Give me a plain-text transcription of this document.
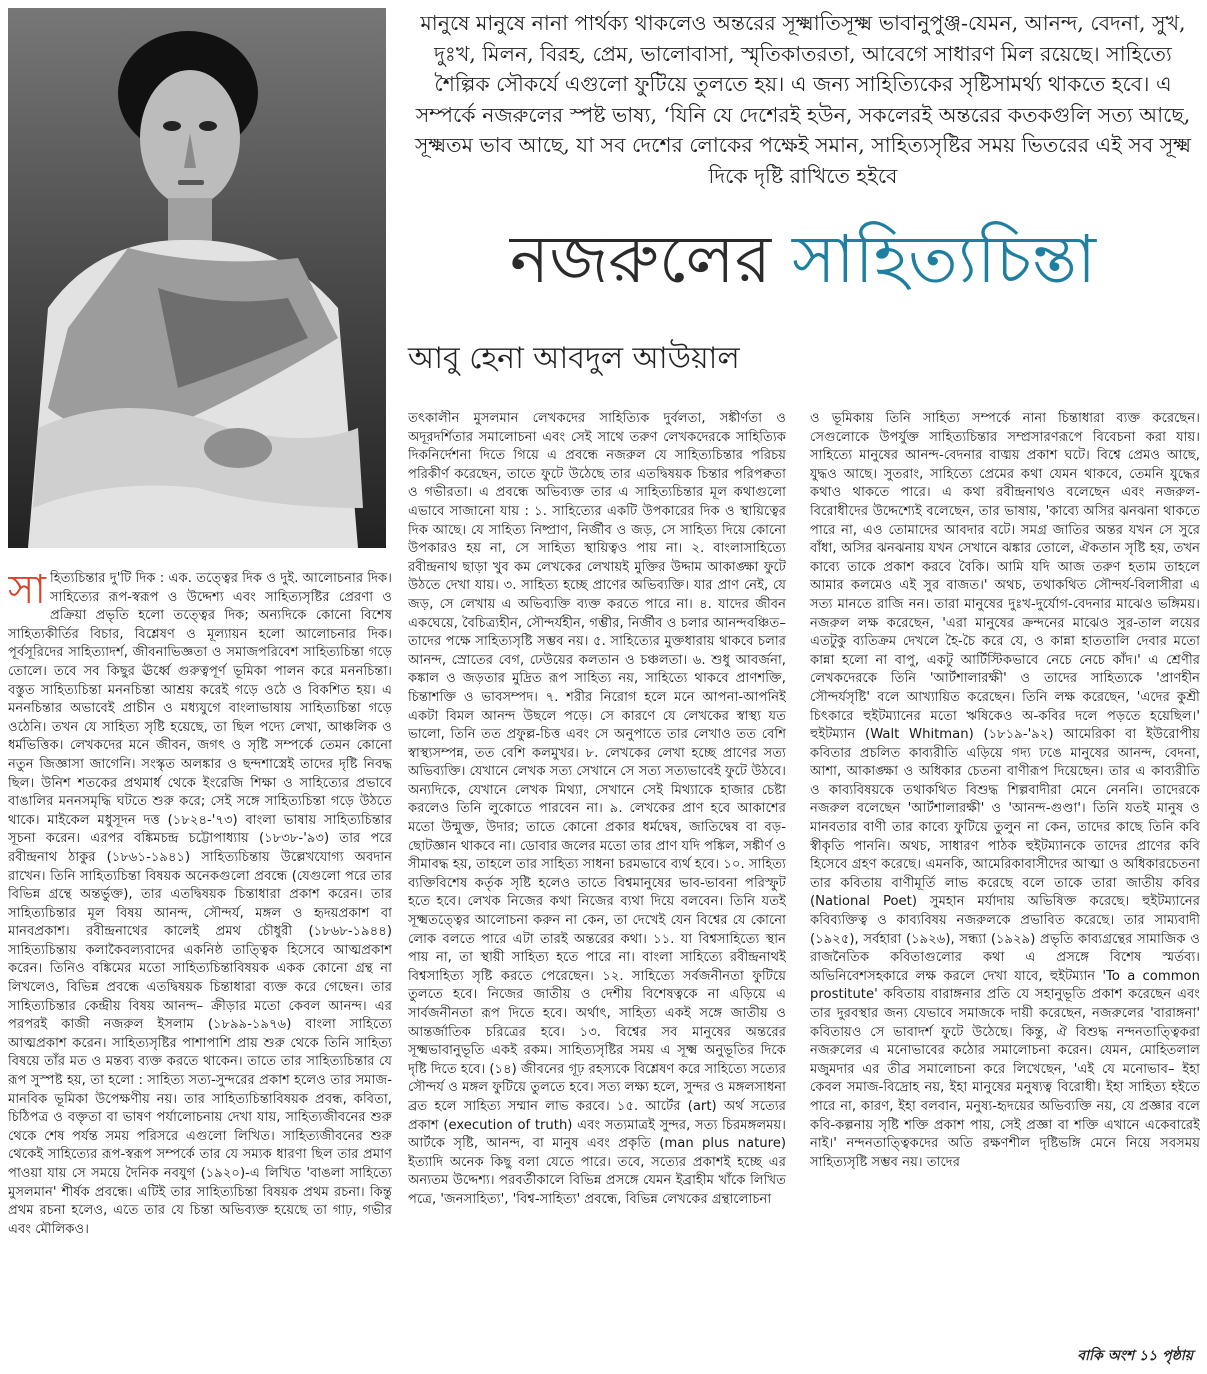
মানুষে মানুষে নানা পার্থক্য থাকলেও অন্তরের সূক্ষ্মাতিসূক্ষ্ম ভাবানুপুঞ্জ-যেমন, আনন্দ, বেদনা, সুখ, দুঃখ, মিলন, বিরহ, প্রেম, ভালোবাসা, স্মৃতিকাতরতা, আবেগে সাধারণ মিল রয়েছে। সাহিত্যে শৈল্পিক সৌকর্যে এগুলো ফুটিয়ে তুলতে হয়। এ জন্য সাহিত্যিকের সৃষ্টিসামর্থ্য থাকতে হবে। এ সম্পর্কে নজরুলের স্পষ্ট ভাষ্য, ‘যিনি যে দেশেরই হউন, সকলেরই অন্তরের কতকগুলি সত্য আছে, সূক্ষ্মতম ভাব আছে, যা সব দেশের লোকের পক্ষেই সমান, সাহিত্যসৃষ্টির সময় ভিতরের এই সব সূক্ষ্ম দিকে দৃষ্টি রাখিতে হইবে
নজরুলের সাহিত্যচিন্তা
আবু হেনা আবদুল আউয়াল

সাহিত্যচিন্তার দু'টি দিক : এক. তত্ত্বের দিক ও দুই. আলোচনার দিক। সাহিত্যের রূপ-স্বরূপ ও উদ্দেশ্য এবং সাহিত্যসৃষ্টির প্রেরণা ও প্রক্রিয়া প্রভৃতি হলো তত্ত্বের দিক; অন্যদিকে কোনো বিশেষ সাহিত্যকীর্তির বিচার, বিশ্লেষণ ও মূল্যায়ন হলো আলোচনার দিক। পূর্বসূরিদের সাহিত্যাদর্শ, জীবনাভিজ্ঞতা ও সমাজপরিবেশ সাহিত্যচিন্তা গড়ে তোলে। তবে সব কিছুর ঊর্ধ্বে গুরুত্বপূর্ণ ভূমিকা পালন করে মননচিন্তা। বস্তুত সাহিত্যচিন্তা মননচিন্তা আশ্রয় করেই গড়ে ওঠে ও বিকশিত হয়। এ মননচিন্তার অভাবেই প্রাচীন ও মধ্যযুগে বাংলাভাষায় সাহিত্যচিন্তা গড়ে ওঠেনি। তখন যে সাহিত্য সৃষ্টি হয়েছে, তা ছিল পদ্যে লেখা, আঞ্চলিক ও ধর্মভিত্তিক। লেখকদের মনে জীবন, জগৎ ও সৃষ্টি সম্পর্কে তেমন কোনো নতুন জিজ্ঞাসা জাগেনি। সংস্কৃত অলঙ্কার ও ছন্দশাস্ত্রেই তাদের দৃষ্টি নিবদ্ধ ছিল। উনিশ শতকের প্রথমার্ধ থেকে ইংরেজি শিক্ষা ও সাহিত্যের প্রভাবে বাঙালির মননসমৃদ্ধি ঘটতে শুরু করে; সেই সঙ্গে সাহিত্যচিন্তা গড়ে উঠতে থাকে। মাইকেল মধুসূদন দত্ত (১৮২৪-'৭৩) বাংলা ভাষায় সাহিত্যচিন্তার সূচনা করেন। এরপর বঙ্কিমচন্দ্র চট্টোপাধ্যায় (১৮৩৮-'৯৩) তার পরে রবীন্দ্রনাথ ঠাকুর (১৮৬১-১৯৪১) সাহিত্যচিন্তায় উল্লেখযোগ্য অবদান রাখেন। তিনি সাহিত্যচিন্তা বিষয়ক অনেকগুলো প্রবন্ধে (যেগুলো পরে তার বিভিন্ন গ্রন্থে অন্তর্ভুক্ত), তার এতদ্বিষয়ক চিন্তাধারা প্রকাশ করেন। তার সাহিত্যচিন্তার মূল বিষয় আনন্দ, সৌন্দর্য, মঙ্গল ও হৃদয়প্রকাশ বা মানবপ্রকাশ। রবীন্দ্রনাথের কালেই প্রমথ চৌধুরী (১৮৬৮-১৯৪৪) সাহিত্যচিন্তায় কলাকৈবল্যবাদের একনিষ্ঠ তাত্ত্বিক হিসেবে আত্মপ্রকাশ করেন। তিনিও বঙ্কিমের মতো সাহিত্যচিন্তাবিষয়ক একক কোনো গ্রন্থ না লিখলেও, বিভিন্ন প্রবন্ধে এতদ্বিষয়ক চিন্তাধারা ব্যক্ত করে গেছেন। তার সাহিত্যচিন্তার কেন্দ্রীয় বিষয় আনন্দ– ক্রীড়ার মতো কেবল আনন্দ। এর পরপরই কাজী নজরুল ইসলাম (১৮৯৯-১৯৭৬) বাংলা সাহিত্যে আত্মপ্রকাশ করেন। সাহিত্যসৃষ্টির পাশাপাশি প্রায় শুরু থেকে তিনি সাহিত্য বিষয়ে তাঁর মত ও মন্তব্য ব্যক্ত করতে থাকেন। তাতে তার সাহিত্যচিন্তার যে রূপ সুস্পষ্ট হয়, তা হলো : সাহিত্য সত্য-সুন্দরের প্রকাশ হলেও তার সমাজ-মানবিক ভূমিকা উপেক্ষণীয় নয়। তার সাহিত্যচিন্তাবিষয়ক প্রবন্ধ, কবিতা, চিঠিপত্র ও বক্তৃতা বা ভাষণ পর্যালোচনায় দেখা যায়, সাহিত্যজীবনের শুরু থেকে শেষ পর্যন্ত সময় পরিসরে এগুলো লিখিত। সাহিত্যজীবনের শুরু থেকেই সাহিত্যের রূপ-স্বরূপ সম্পর্কে তার যে সম্যক ধারণা ছিল তার প্রমাণ পাওয়া যায় সে সময়ে দৈনিক নবযুগ (১৯২০)-এ লিখিত 'বাঙলা সাহিত্যে মুসলমান' শীর্ষক প্রবন্ধে। এটিই তার সাহিত্যচিন্তা বিষয়ক প্রথম রচনা। কিন্তু প্রথম রচনা হলেও, এতে তার যে চিন্তা অভিব্যক্ত হয়েছে তা গাঢ়, গভীর এবং মৌলিকও।

তৎকালীন মুসলমান লেখকদের সাহিত্যিক দুর্বলতা, সঙ্কীর্ণতা ও অদূরদর্শিতার সমালোচনা এবং সেই সাথে তরুণ লেখকদেরকে সাহিত্যিক দিকনির্দেশনা দিতে গিয়ে এ প্রবন্ধে নজরুল যে সাহিত্যচিন্তার পরিচয় পরিকীর্ণ করেছেন, তাতে ফুটে উঠেছে তার এতদ্বিষয়ক চিন্তার পরিপক্বতা ও গভীরতা। এ প্রবন্ধে অভিব্যক্ত তার এ সাহিত্যচিন্তার মূল কথাগুলো এভাবে সাজানো যায় : ১. সাহিত্যের একটি উপকারের দিক ও স্থায়িত্বের দিক আছে। যে সাহিত্য নিষ্প্রাণ, নির্জীব ও জড়, সে সাহিত্য দিয়ে কোনো উপকারও হয় না, সে সাহিত্য স্থায়িত্বও পায় না। ২. বাংলাসাহিত্যে রবীন্দ্রনাথ ছাড়া খুব কম লেখকের লেখায়ই মুক্তির উদ্দাম আকাঙ্ক্ষা ফুটে উঠতে দেখা যায়। ৩. সাহিত্য হচ্ছে প্রাণের অভিব্যক্তি। যার প্রাণ নেই, যে জড়, সে লেখায় এ অভিব্যক্তি ব্যক্ত করতে পারে না। ৪. যাদের জীবন একঘেয়ে, বৈচিত্র্যহীন, সৌন্দর্যহীন, গম্ভীর, নির্জীব ও চলার আনন্দবঞ্চিত– তাদের পক্ষে সাহিত্যসৃষ্টি সম্ভব নয়। ৫. সাহিত্যের মুক্তধারায় থাকবে চলার আনন্দ, স্রোতের বেগ, ঢেউয়ের কলতান ও চঞ্চলতা। ৬. শুধু আবর্জনা, কঙ্কাল ও জড়তার মুদ্রিত রূপ সাহিত্য নয়, সাহিত্যে থাকবে প্রাণশক্তি, চিন্তাশক্তি ও ভাবসম্পদ। ৭. শরীর নিরোগ হলে মনে আপনা-আপনিই একটা বিমল আনন্দ উছলে পড়ে। সে কারণে যে লেখকের স্বাস্থ্য যত ভালো, তিনি তত প্রফুল্ল-চিত্ত এবং সে অনুপাতে তার লেখাও তত বেশি স্বাস্থ্যসম্পন্ন, তত বেশি কলমুখর। ৮. লেখকের লেখা হচ্ছে প্রাণের সত্য অভিব্যক্তি। যেখানে লেখক সত্য সেখানে সে সত্য সত্যভাবেই ফুটে উঠবে। অন্যদিকে, যেখানে লেখক মিথ্যা, সেখানে সেই মিথ্যাকে হাজার চেষ্টা করলেও তিনি লুকোতে পারবেন না। ৯. লেখকের প্রাণ হবে আকাশের মতো উন্মুক্ত, উদার; তাতে কোনো প্রকার ধর্মদ্বেষ, জাতিদ্বেষ বা বড়-ছোটজ্ঞান থাকবে না। ডোবার জলের মতো তার প্রাণ যদি পঙ্কিল, সঙ্কীর্ণ ও সীমাবদ্ধ হয়, তাহলে তার সাহিত্য সাধনা চরমভাবে ব্যর্থ হবে। ১০. সাহিত্য ব্যক্তিবিশেষ কর্তৃক সৃষ্টি হলেও তাতে বিশ্বমানুষের ভাব-ভাবনা পরিস্ফুট হতে হবে। লেখক নিজের কথা নিজের ব্যথা দিয়ে বলবেন। তিনি যতই সূক্ষ্মতত্ত্বের আলোচনা করুন না কেন, তা দেখেই যেন বিশ্বের যে কোনো লোক বলতে পারে এটা তারই অন্তরের কথা। ১১. যা বিশ্বসাহিত্যে স্থান পায় না, তা স্থায়ী সাহিত্য হতে পারে না। বাংলা সাহিত্যে রবীন্দ্রনাথই বিশ্বসাহিত্য সৃষ্টি করতে পেরেছেন। ১২. সাহিত্যে সর্বজনীনতা ফুটিয়ে তুলতে হবে। নিজের জাতীয় ও দেশীয় বিশেষত্বকে না এড়িয়ে এ সার্বজনীনতা রূপ দিতে হবে। অর্থাৎ, সাহিত্য একই সঙ্গে জাতীয় ও আন্তর্জাতিক চরিত্রের হবে। ১৩. বিশ্বের সব মানুষের অন্তরের সূক্ষ্মভাবানুভূতি একই রকম। সাহিত্যসৃষ্টির সময় এ সূক্ষ্ম অনুভূতির দিকে দৃষ্টি দিতে হবে। (১৪) জীবনের গূঢ় রহস্যকে বিশ্লেষণ করে সাহিত্যে সত্যের সৌন্দর্য ও মঙ্গল ফুটিয়ে তুলতে হবে। সত্য লক্ষ্য হলে, সুন্দর ও মঙ্গলসাধনা ব্রত হলে সাহিত্য সম্মান লাভ করবে। ১৫. আর্টের (art) অর্থ সত্যের প্রকাশ (execution of truth) এবং সত্যমাত্রই সুন্দর, সত্য চিরমঙ্গলময়। আর্টকে সৃষ্টি, আনন্দ, বা মানুষ এবং প্রকৃতি (man plus nature) ইত্যাদি অনেক কিছু বলা যেতে পারে। তবে, সত্যের প্রকাশই হচ্ছে এর অন্যতম উদ্দেশ্য। পরবর্তীকালে বিভিন্ন প্রসঙ্গে যেমন ইব্রাহীম খাঁকে লিখিত পত্রে, 'জনসাহিত্য', 'বিশ্ব-সাহিত্য' প্রবন্ধে, বিভিন্ন লেখকের গ্রন্থালোচনা

ও ভূমিকায় তিনি সাহিত্য সম্পর্কে নানা চিন্তাধারা ব্যক্ত করেছেন। সেগুলোকে উপর্যুক্ত সাহিত্যচিন্তার সম্প্রসারণরূপে বিবেচনা করা যায়। সাহিত্যে মানুষের আনন্দ-বেদনার বাঙ্ময় প্রকাশ ঘটে। বিশ্বে প্রেমও আছে, যুদ্ধও আছে। সুতরাং, সাহিত্যে প্রেমের কথা যেমন থাকবে, তেমনি যুদ্ধের কথাও থাকতে পারে। এ কথা রবীন্দ্রনাথও বলেছেন এবং নজরুল-বিরোধীদের উদ্দেশ্যেই বলেছেন, তার ভাষায়, 'কাব্যে অসির ঝনঝনা থাকতে পারে না, এও তোমাদের আবদার বটে। সমগ্র জাতির অন্তর যখন সে সুরে বাঁধা, অসির ঝনঝনায় যখন সেখানে ঝঙ্কার তোলে, ঐকতান সৃষ্টি হয়, তখন কাব্যে তাকে প্রকাশ করবে বৈকি। আমি যদি আজ তরুণ হতাম তাহলে আমার কলমেও এই সুর বাজত।' অথচ, তথাকথিত সৌন্দর্য-বিলাসীরা এ সত্য মানতে রাজি নন। তারা মানুষের দুঃখ-দুর্যোগ-বেদনার মাঝেও ভঙ্গিময়। নজরুল লক্ষ করেছেন, 'এরা মানুষের ক্রন্দনের মাঝেও সুর-তাল লয়ের এতটুকু ব্যতিক্রম দেখলে হৈ-চৈ করে যে, ও কান্না হাততালি দেবার মতো কান্না হলো না বাপু, একটু আর্টিস্টিকভাবে নেচে নেচে কাঁদ।' এ শ্রেণীর লেখকদেরকে তিনি 'আর্টশালারক্ষী' ও তাদের সাহিত্যকে 'প্রাণহীন সৌন্দর্যসৃষ্টি' বলে আখ্যায়িত করেছেন। তিনি লক্ষ করেছেন, 'এদের কুশ্রী চিৎকারে হুইটম্যানের মতো ঋষিকেও অ-কবির দলে পড়তে হয়েছিল।' হুইটম্যান (Walt Whitman) (১৮১৯-'৯২) আমেরিকা বা ইউরোপীয় কবিতার প্রচলিত কাব্যরীতি এড়িয়ে গদ্য ঢঙে মানুষের আনন্দ, বেদনা, আশা, আকাঙ্ক্ষা ও অধিকার চেতনা বাণীরূপ দিয়েছেন। তার এ কাব্যরীতি ও কাব্যবিষয়কে তথাকথিত বিশুদ্ধ শিল্পবাদীরা মেনে নেননি। তাদেরকে নজরুল বলেছেন 'আর্টশালারক্ষী' ও 'আনন্দ-গুণ্ডা'। তিনি যতই মানুষ ও মানবতার বাণী তার কাব্যে ফুটিয়ে তুলুন না কেন, তাদের কাছে তিনি কবি স্বীকৃতি পাননি। অথচ, সাধারণ পাঠক হুইটম্যানকে তাদের প্রাণের কবি হিসেবে গ্রহণ করেছে। এমনকি, আমেরিকাবাসীদের আত্মা ও অধিকারচেতনা তার কবিতায় বাণীমূর্তি লাভ করেছে বলে তাকে তারা জাতীয় কবির (National Poet) সুমহান মর্যাদায় অভিষিক্ত করেছে। হুইটম্যানের কবিব্যক্তিত্ব ও কাব্যবিষয় নজরুলকে প্রভাবিত করেছে। তার সাম্যবাদী (১৯২৫), সর্বহারা (১৯২৬), সন্ধ্যা (১৯২৯) প্রভৃতি কাব্যগ্রন্থের সামাজিক ও রাজনৈতিক কবিতাগুলোর কথা এ প্রসঙ্গে বিশেষ স্মর্তব্য। অভিনিবেশসহকারে লক্ষ করলে দেখা যাবে, হুইটম্যান 'To a common prostitute' কবিতায় বারাঙ্গনার প্রতি যে সহানুভূতি প্রকাশ করেছেন এবং তার দুরবস্থার জন্য যেভাবে সমাজকে দায়ী করেছেন, নজরুলের 'বারাঙ্গনা' কবিতায়ও সে ভাবাদর্শ ফুটে উঠেছে। কিন্তু, ঐ বিশুদ্ধ নন্দনতাত্ত্বিকরা নজরুলের এ মনোভাবের কঠোর সমালোচনা করেন। যেমন, মোহিতলাল মজুমদার এর তীব্র সমালোচনা করে লিখেছেন, 'এই যে মনোভাব– ইহা কেবল সমাজ-বিদ্রোহ নয়, ইহা মানুষের মনুষ্যত্ব বিরোধী। ইহা সাহিত্য হইতে পারে না, কারণ, ইহা বলবান, মনুষ্য-হৃদয়ের অভিব্যক্তি নয়, যে প্রজ্ঞার বলে কবি-কল্পনায় সৃষ্টি শক্তি প্রকাশ পায়, সেই প্রজ্ঞা বা শক্তি এখানে একেবারেই নাই।' নন্দনতাত্ত্বিকদের অতি রক্ষণশীল দৃষ্টিভঙ্গি মেনে নিয়ে সবসময় সাহিত্যসৃষ্টি সম্ভব নয়। তাদের

বাকি অংশ ১১ পৃষ্ঠায়
